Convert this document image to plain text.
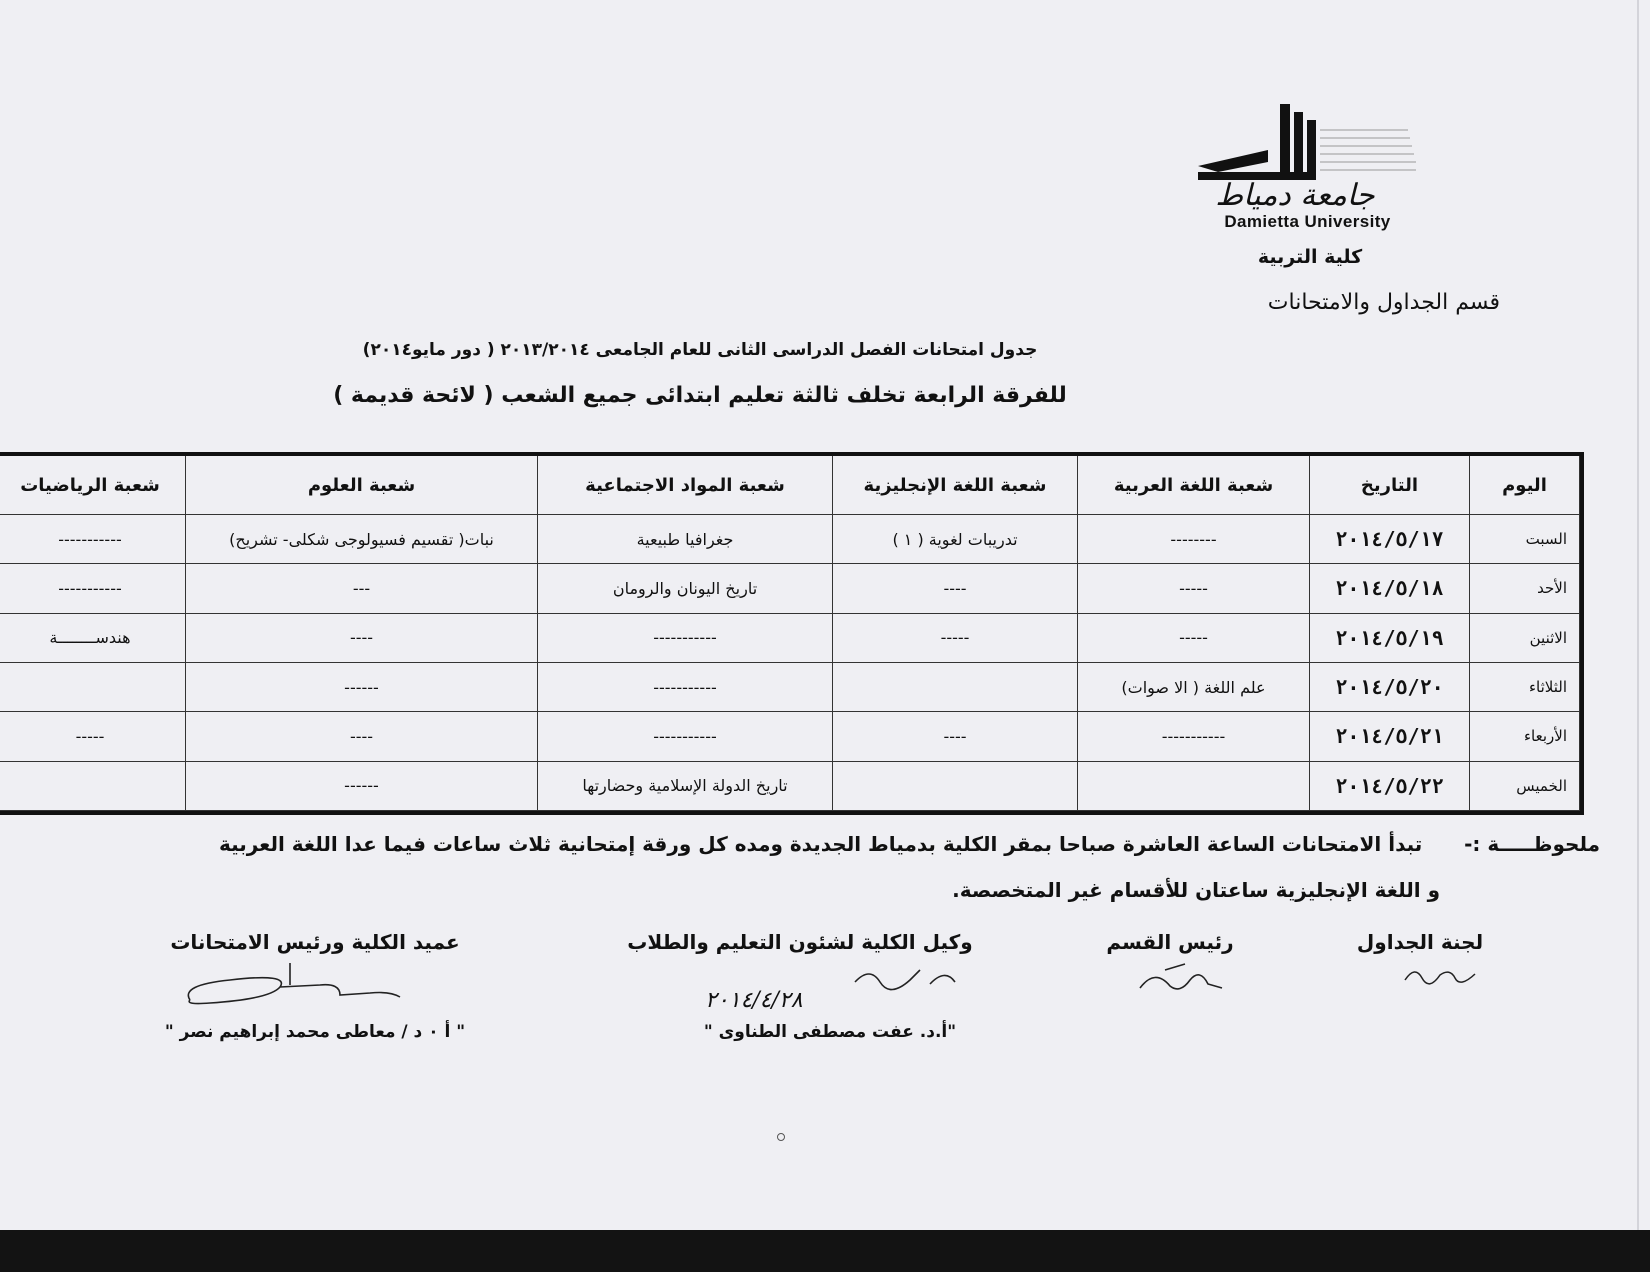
جامعة دمياط
Damietta University
كلية التربية
قسم الجداول والامتحانات
جدول امتحانات الفصل الدراسى الثانى للعام الجامعى ٢٠١٣/٢٠١٤ ( دور مايو٢٠١٤)
للفرقة الرابعة تخلف ثالثة تعليم ابتدائى جميع الشعب ( لائحة قديمة )
اليوم	التاريخ	شعبة اللغة العربية	شعبة اللغة الإنجليزية	شعبة المواد الاجتماعية	شعبة العلوم	شعبة الرياضيات
السبت	٢٠١٤/٥/١٧	--------	تدريبات لغوية ( ١ )	جغرافيا طبيعية	نبات( تقسيم فسيولوجى شكلى- تشريح)	-----------
الأحد	٢٠١٤/٥/١٨	-----	----	تاريخ اليونان والرومان	---	-----------
الاثنين	٢٠١٤/٥/١٩	-----	-----	-----------	----	هندســــــــة
الثلاثاء	٢٠١٤/٥/٢٠	علم اللغة ( الا صوات)		-----------	------	
الأربعاء	٢٠١٤/٥/٢١	-----------	----	-----------	----	-----
الخميس	٢٠١٤/٥/٢٢			تاريخ الدولة الإسلامية وحضارتها	------	
ملحوظـــــة :-      تبدأ الامتحانات الساعة العاشرة صباحا بمقر الكلية بدمياط الجديدة ومده كل ورقة إمتحانية ثلاث ساعات فيما عدا اللغة العربية
و اللغة الإنجليزية ساعتان للأقسام غير المتخصصة.
لجنة الجداول
رئيس القسم
وكيل الكلية لشئون التعليم والطلاب
٢٠١٤/٤/٢٨
"أ.د. عفت مصطفى الطناوى "
عميد الكلية ورئيس الامتحانات
" أ ٠ د / معاطى محمد إبراهيم نصر "
